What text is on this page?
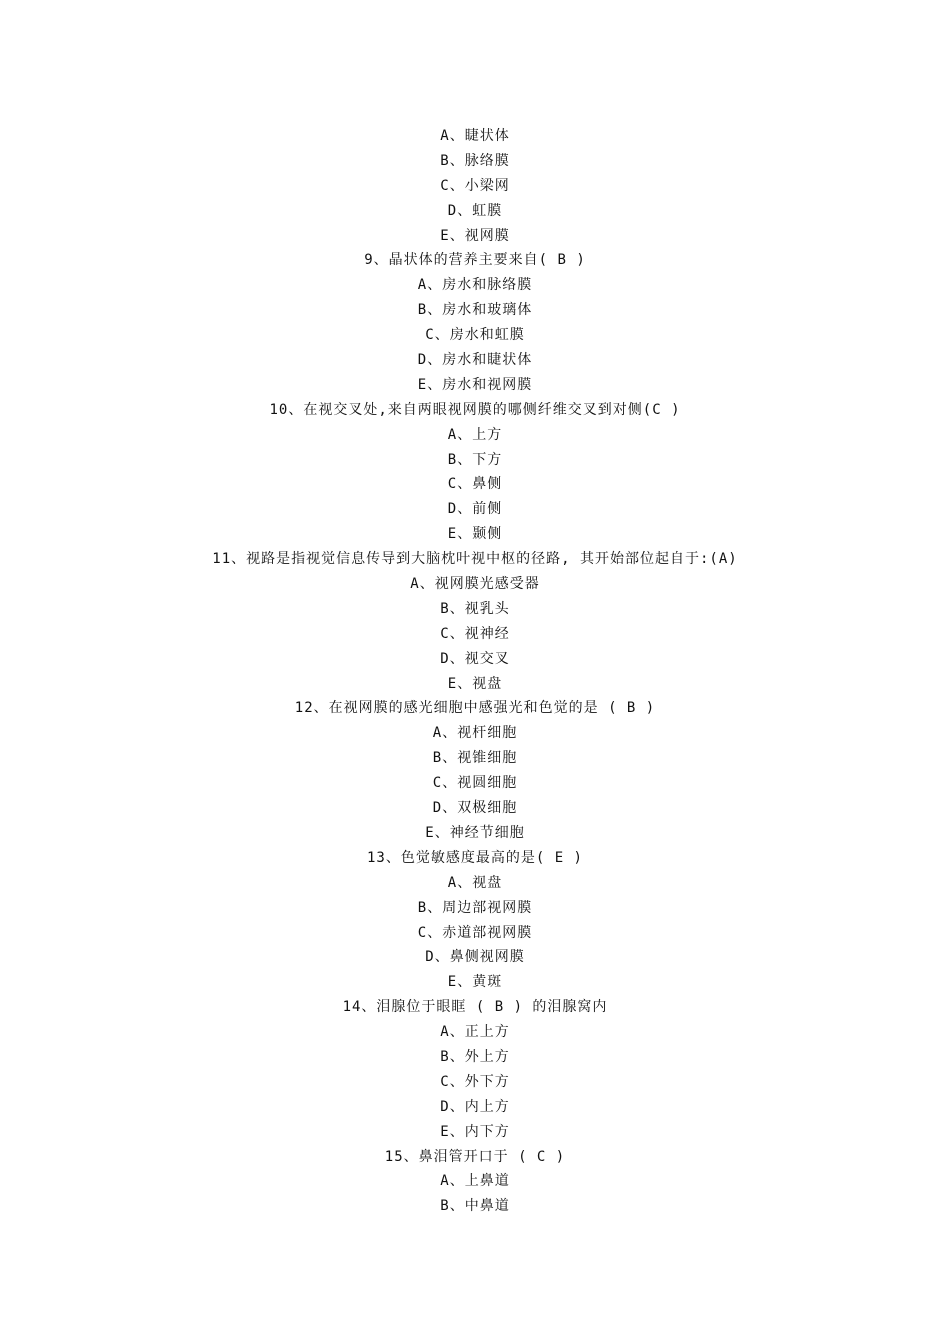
A、睫状体
B、脉络膜
C、小梁网
D、虹膜
E、视网膜
9、晶状体的营养主要来自( B )
A、房水和脉络膜
B、房水和玻璃体
C、房水和虹膜
D、房水和睫状体
E、房水和视网膜
10、在视交叉处,来自两眼视网膜的哪侧纤维交叉到对侧(C )
A、上方
B、下方
C、鼻侧
D、前侧
E、颞侧
11、视路是指视觉信息传导到大脑枕叶视中枢的径路, 其开始部位起自于:(A)
A、视网膜光感受器
B、视乳头
C、视神经
D、视交叉
E、视盘
12、在视网膜的感光细胞中感强光和色觉的是 ( B )
A、视杆细胞
B、视锥细胞
C、视圆细胞
D、双极细胞
E、神经节细胞
13、色觉敏感度最高的是( E )
A、视盘
B、周边部视网膜
C、赤道部视网膜
D、鼻侧视网膜
E、黄斑
14、泪腺位于眼眶 ( B ) 的泪腺窝内
A、正上方
B、外上方
C、外下方
D、内上方
E、内下方
15、鼻泪管开口于 ( C )
A、上鼻道
B、中鼻道
